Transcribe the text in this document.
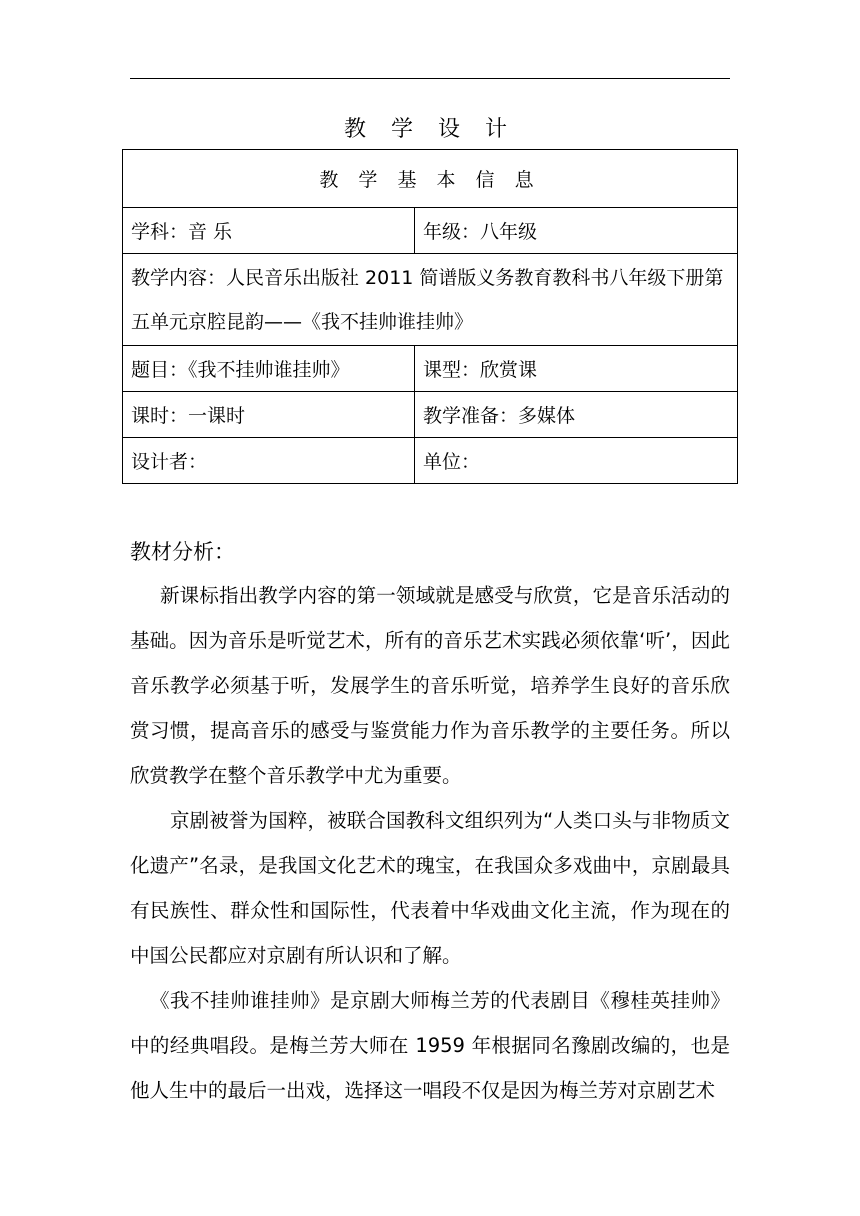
教 学 设 计
教 学 基 本 信 息	
学科：音 乐	年级：八年级
教学内容：人民音乐出版社 2011 简谱版义务教育教科书八年级下册第五单元京腔昆韵——《我不挂帅谁挂帅》	
题目：《我不挂帅谁挂帅》	课型：欣赏课
课时：一课时	教学准备：多媒体
设计者：	单位：
教材分析：

新课标指出教学内容的第一领域就是感受与欣赏，它是音乐活动的基础。因为音乐是听觉艺术，所有的音乐艺术实践必须依靠‘听’，因此音乐教学必须基于听，发展学生的音乐听觉，培养学生良好的音乐欣赏习惯，提高音乐的感受与鉴赏能力作为音乐教学的主要任务。所以欣赏教学在整个音乐教学中尤为重要。

京剧被誉为国粹，被联合国教科文组织列为“人类口头与非物质文化遗产”名录，是我国文化艺术的瑰宝，在我国众多戏曲中，京剧最具有民族性、群众性和国际性，代表着中华戏曲文化主流，作为现在的中国公民都应对京剧有所认识和了解。

《我不挂帅谁挂帅》是京剧大师梅兰芳的代表剧目《穆桂英挂帅》中的经典唱段。是梅兰芳大师在 1959 年根据同名豫剧改编的，也是他人生中的最后一出戏，选择这一唱段不仅是因为梅兰芳对京剧艺术
